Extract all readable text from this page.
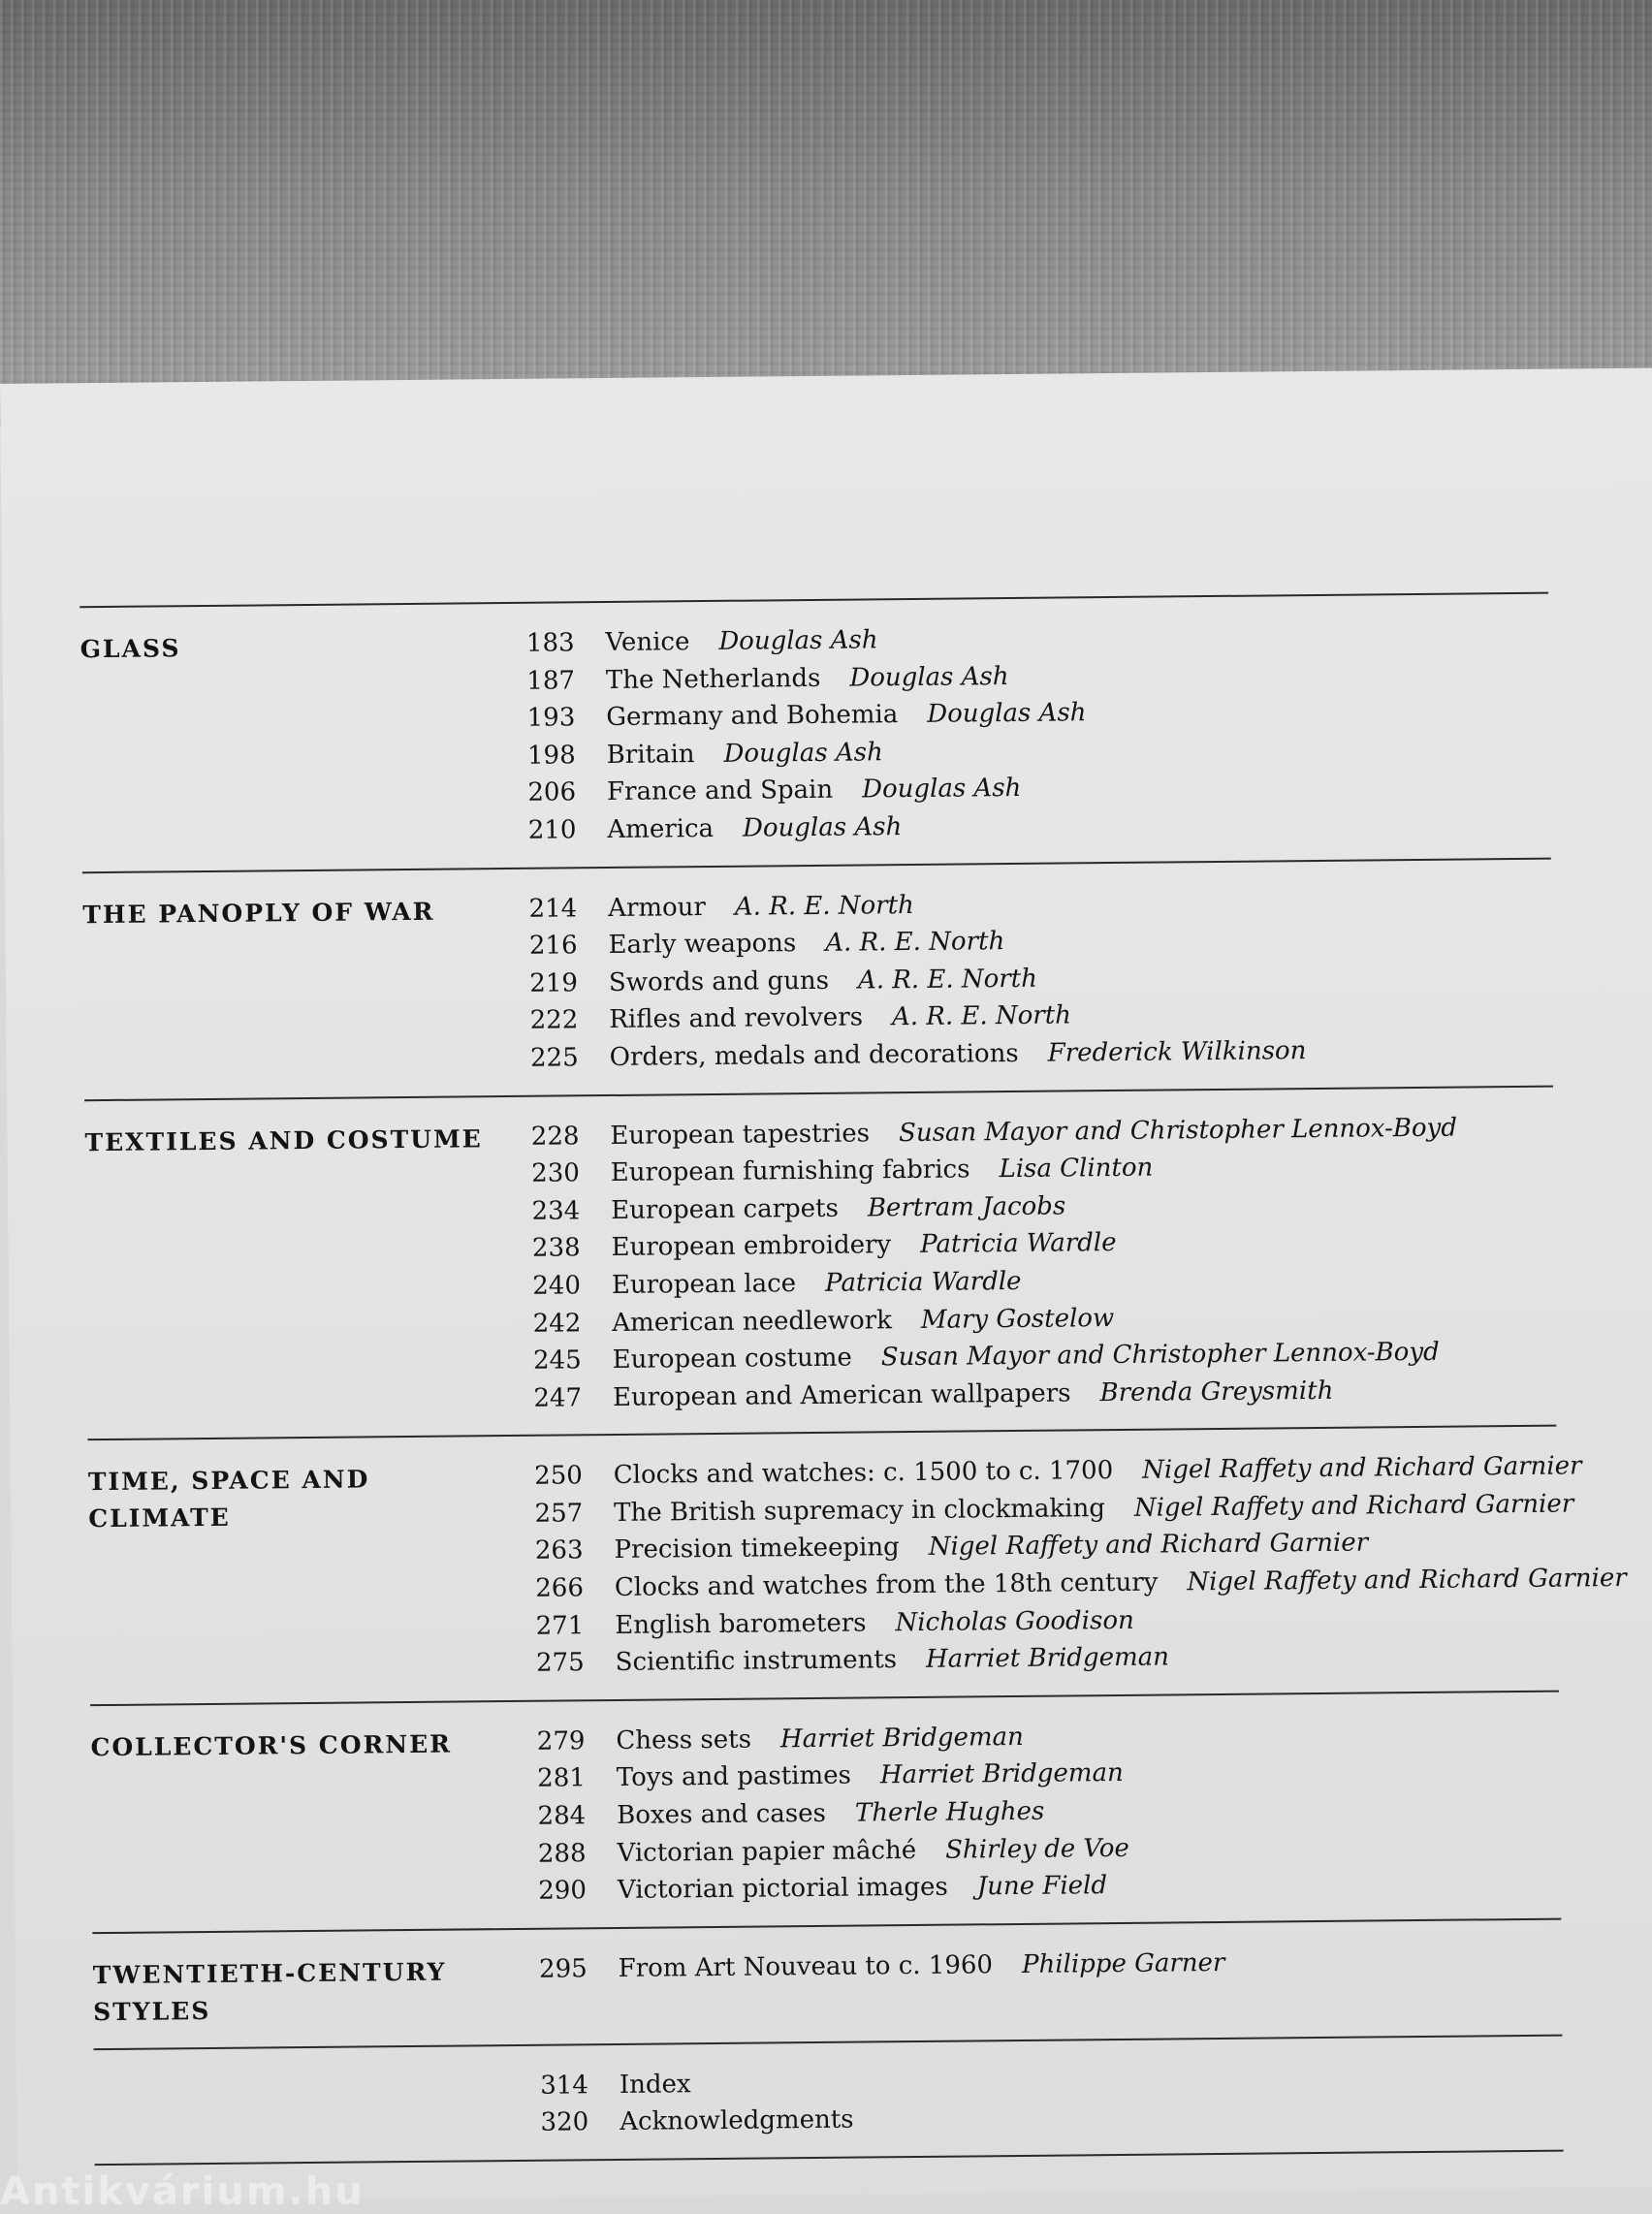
GLASS	183	Venice Douglas Ash
187	The Netherlands Douglas Ash
193	Germany and Bohemia Douglas Ash
198	Britain Douglas Ash
206	France and Spain Douglas Ash
210	America Douglas Ash
THE PANOPLY OF WAR	214	Armour A. R. E. North
216	Early weapons A. R. E. North
219	Swords and guns A. R. E. North
222	Rifles and revolvers A. R. E. North
225	Orders, medals and decorations Frederick Wilkinson
TEXTILES AND COSTUME	228	European tapestries Susan Mayor and Christopher Lennox-Boyd
230	European furnishing fabrics Lisa Clinton
234	European carpets Bertram Jacobs
238	European embroidery Patricia Wardle
240	European lace Patricia Wardle
242	American needlework Mary Gostelow
245	European costume Susan Mayor and Christopher Lennox-Boyd
247	European and American wallpapers Brenda Greysmith
TIME, SPACE AND CLIMATE
250	Clocks and watches: c. 1500 to c. 1700 Nigel Raffety and Richard Garnier
257	The British supremacy in clockmaking Nigel Raffety and Richard Garnier
263	Precision timekeeping Nigel Raffety and Richard Garnier
266	Clocks and watches from the 18th century Nigel Raffety and Richard Garnier
271	English barometers Nicholas Goodison
275	Scientific instruments Harriet Bridgeman
COLLECTOR'S CORNER	279	Chess sets Harriet Bridgeman
281	Toys and pastimes Harriet Bridgeman
284	Boxes and cases Therle Hughes
288	Victorian papier mâché Shirley de Voe
290	Victorian pictorial images June Field
TWENTIETH-CENTURY STYLES
295	From Art Nouveau to c. 1960 Philippe Garner
314	Index
320	Acknowledgments
Antikvárium.hu
